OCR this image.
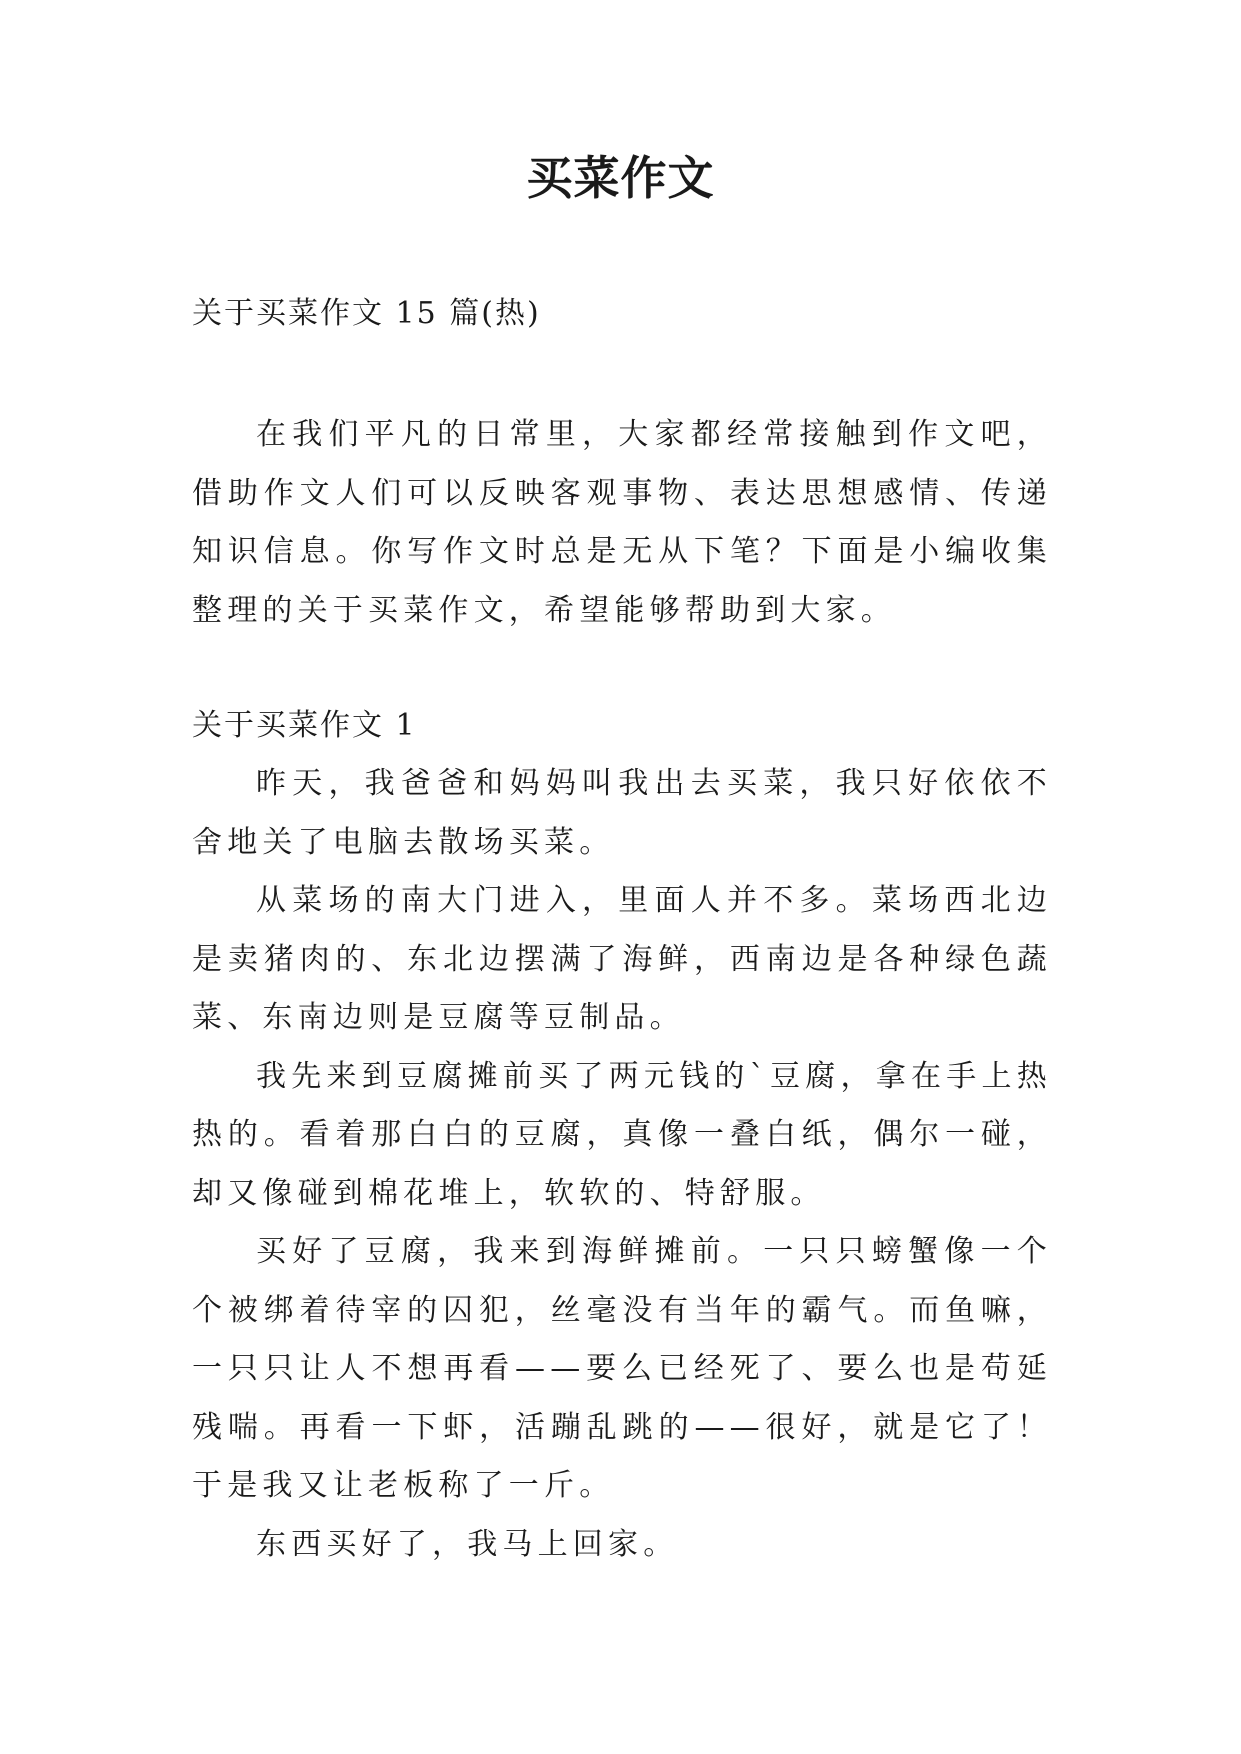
买菜作文
关于买菜作文 15 篇(热)

在我们平凡的日常里，大家都经常接触到作文吧，借助作文人们可以反映客观事物、表达思想感情、传递知识信息。你写作文时总是无从下笔？下面是小编收集整理的关于买菜作文，希望能够帮助到大家。

关于买菜作文 1

昨天，我爸爸和妈妈叫我出去买菜，我只好依依不舍地关了电脑去散场买菜。

从菜场的南大门进入，里面人并不多。菜场西北边是卖猪肉的、东北边摆满了海鲜，西南边是各种绿色蔬菜、东南边则是豆腐等豆制品。

我先来到豆腐摊前买了两元钱的`豆腐，拿在手上热热的。看着那白白的豆腐，真像一叠白纸，偶尔一碰，却又像碰到棉花堆上，软软的、特舒服。

买好了豆腐，我来到海鲜摊前。一只只螃蟹像一个个被绑着待宰的囚犯，丝毫没有当年的霸气。而鱼嘛，一只只让人不想再看——要么已经死了、要么也是苟延残喘。再看一下虾，活蹦乱跳的——很好，就是它了！于是我又让老板称了一斤。

东西买好了，我马上回家。
